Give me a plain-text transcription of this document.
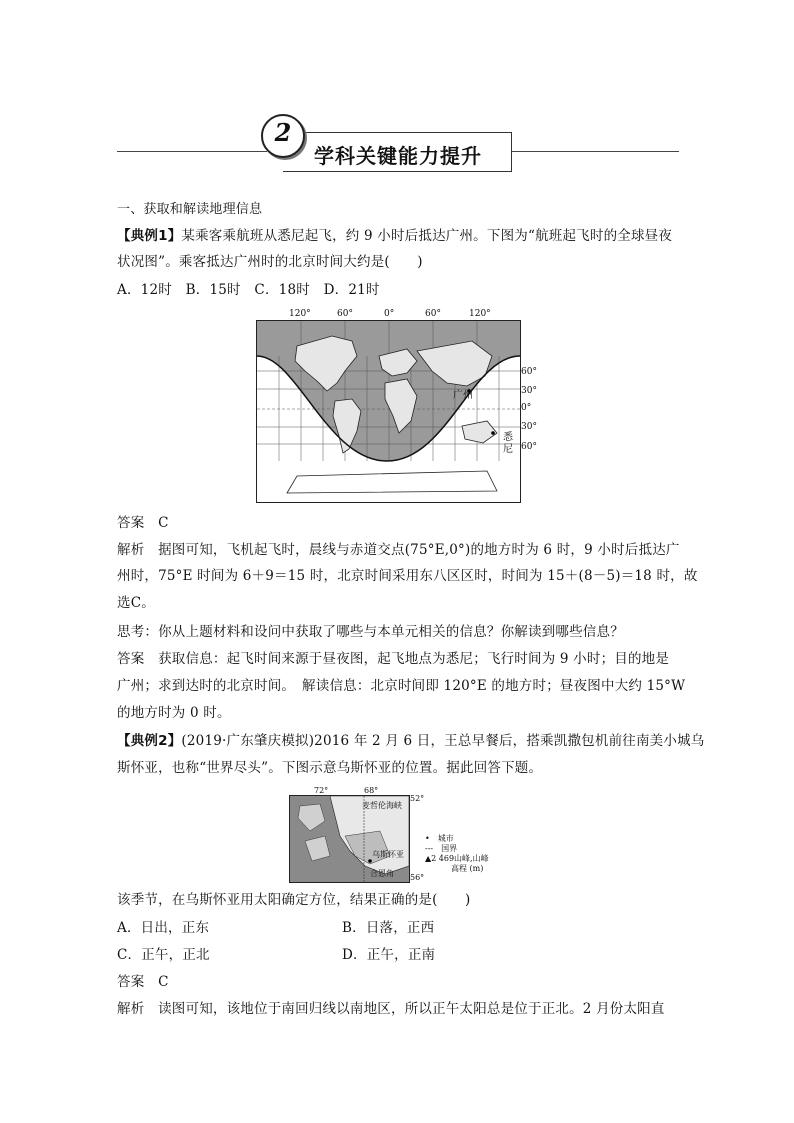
2
学科关键能力提升
一、获取和解读地理信息
【典例1】某乘客乘航班从悉尼起飞，约 9 小时后抵达广州。下图为“航班起飞时的全球昼夜
状况图”。乘客抵达广州时的北京时间大约是(　　)
A．12时　B．15时　C．18时　D．21时
120°	60°	0°	60°	120°
广州
悉
尼
60°
30°
0°
30°
60°
答案　C
解析　据图可知，飞机起飞时，晨线与赤道交点(75°E,0°)的地方时为 6 时，9 小时后抵达广
州时，75°E 时间为 6＋9＝15 时，北京时间采用东八区区时，时间为 15＋(8－5)＝18 时，故
选C。
思考：你从上题材料和设问中获取了哪些与本单元相关的信息？你解读到哪些信息？
答案　获取信息：起飞时间来源于昼夜图，起飞地点为悉尼；飞行时间为 9 小时；目的地是
广州；求到达时的北京时间。　解读信息：北京时间即 120°E 的地方时；昼夜图中大约 15°W
的地方时为 0 时。
【典例2】(2019·广东肇庆模拟)2016 年 2 月 6 日，王总早餐后，搭乘凯撒包机前往南美小城乌
斯怀亚，也称“世界尽头”。下图示意乌斯怀亚的位置。据此回答下题。
72°	68°
麦哲伦海峡
乌斯怀亚
合恩角
52°
56°
•　城市
---　国界
▲2 469山峰,山峰
高程 (m)
该季节，在乌斯怀亚用太阳确定方位，结果正确的是(　　)
A．日出，正东	B．日落，正西
C．正午，正北	D．正午，正南
答案　C
解析　读图可知，该地位于南回归线以南地区，所以正午太阳总是位于正北。2 月份太阳直
